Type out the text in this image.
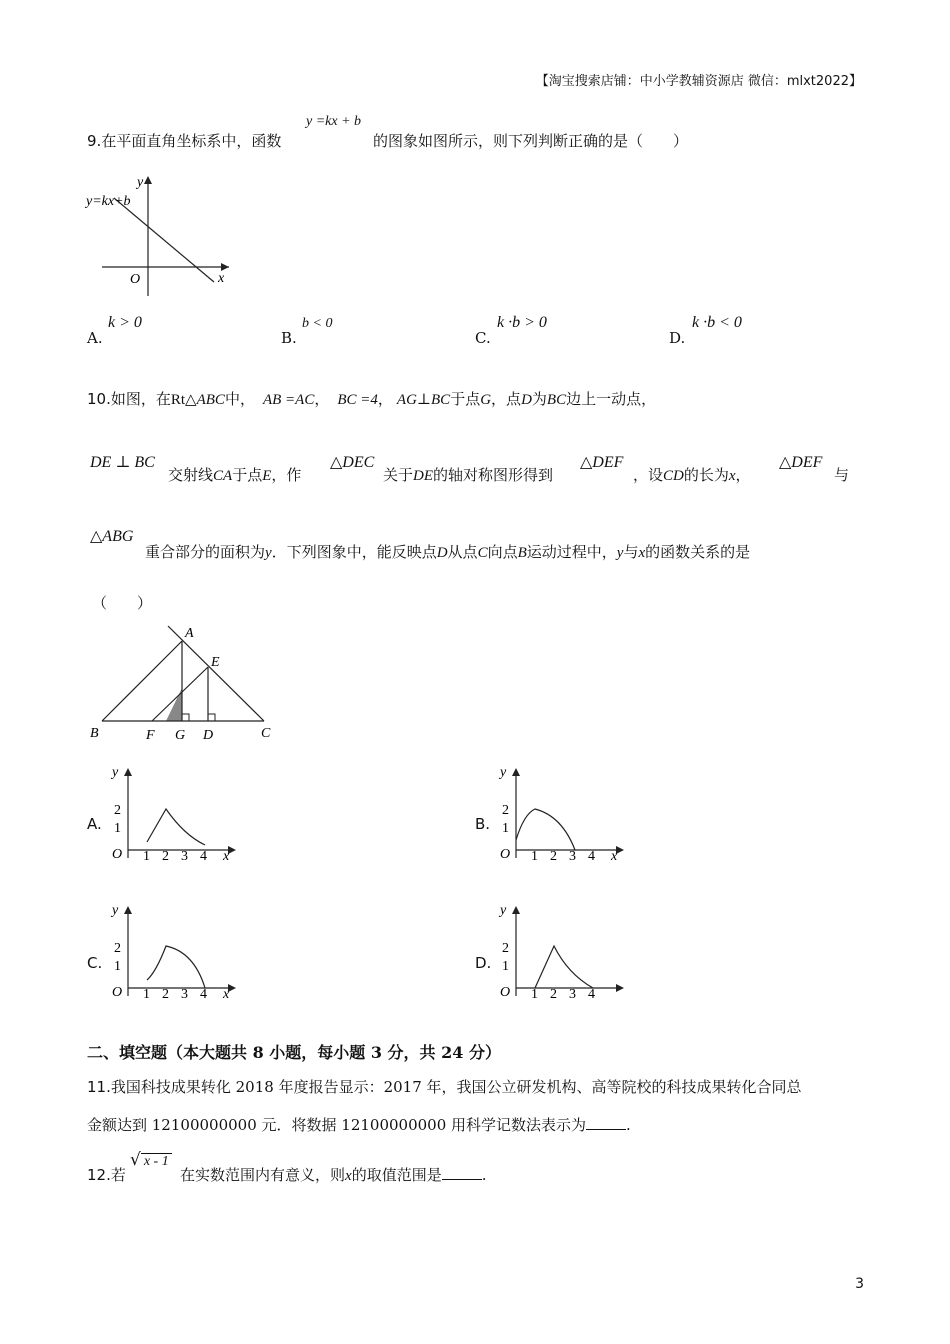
【淘宝搜索店铺：中小学教辅资源店 微信：mlxt2022】
9.在平面直角坐标系中，函数
y =kx + b
的图象如图所示，则下列判断正确的是（　　）
y=kx+b
x
y
O
A.
k > 0
B.
b < 0
C.
k ·b > 0
D.
k ·b < 0
10.如图，在Rt△ABC中， AB =AC， BC =4， AG⊥BC于点G，点D为BC边上一动点，
DE ⊥ BC
交射线CA于点E，作
△DEC
关于DE的轴对称图形得到
△DEF
，设CD的长为x，
△DEF
与
△ABG
重合部分的面积为y．下列图象中，能反映点D从点C向点B运动过程中，y与x的函数关系的是
（　　）
A
E
B	F G D	C
A.
y
x
O
2
1
1 2 3 4
B.
y
x
O
2
1
1 2 3 4
C.
y
x
O
2
1
1 2 3 4
D.
y
O
2
1
1 2 3 4
二、填空题（本大题共 8 小题，每小题 3 分，共 24 分）
11.我国科技成果转化 2018 年度报告显示：2017 年，我国公立研发机构、高等院校的科技成果转化合同总
金额达到 12100000000 元．将数据 12100000000 用科学记数法表示为	.
12.若
√ x - 1
在实数范围内有意义，则x的取值范围是	.
3
